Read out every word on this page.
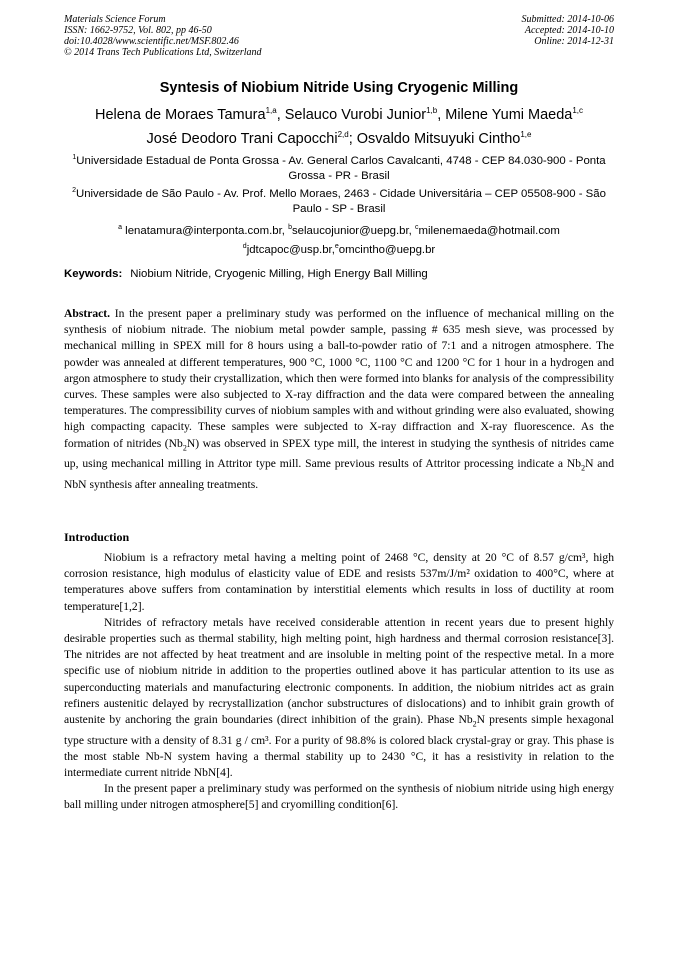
Materials Science Forum
ISSN: 1662-9752, Vol. 802, pp 46-50
doi:10.4028/www.scientific.net/MSF.802.46
© 2014 Trans Tech Publications Ltd, Switzerland
Submitted: 2014-10-06
Accepted: 2014-10-10
Online: 2014-12-31
Syntesis of Niobium Nitride Using Cryogenic Milling
Helena de Moraes Tamura$^{1,a}$, Selauco Vurobi Junior$^{1,b}$, Milene Yumi Maeda$^{1,c}$
José Deodoro Trani Capocchi$^{2,d}$; Osvaldo Mitsuyuki Cintho$^{1,e}$
$^1$Universidade Estadual de Ponta Grossa - Av. General Carlos Cavalcanti, 4748 - CEP 84.030-900 - Ponta Grossa - PR - Brasil
$^2$Universidade de São Paulo - Av. Prof. Mello Moraes, 2463 - Cidade Universitária – CEP 05508-900 - São Paulo - SP - Brasil
$^a$ lenatamura@interponta.com.br, $^b$selaucojunior@uepg.br, $^c$milenemaeda@hotmail.com
$^d$jdtcapoc@usp.br,$^e$omcintho@uepg.br
Keywords: Niobium Nitride, Cryogenic Milling, High Energy Ball Milling
Abstract. In the present paper a preliminary study was performed on the influence of mechanical milling on the synthesis of niobium nitrade. The niobium metal powder sample, passing # 635 mesh sieve, was processed by mechanical milling in SPEX mill for 8 hours using a ball-to-powder ratio of 7:1 and a nitrogen atmosphere. The powder was annealed at different temperatures, 900 °C, 1000 °C, 1100 °C and 1200 °C for 1 hour in a hydrogen and argon atmosphere to study their crystallization, which then were formed into blanks for analysis of the compressibility curves. These samples were also subjected to X-ray diffraction and the data were compared between the annealing temperatures. The compressibility curves of niobium samples with and without grinding were also evaluated, showing high compacting capacity. These samples were subjected to X-ray diffraction and X-ray fluorescence. As the formation of nitrides $(Nb_2N)$ was observed in SPEX type mill, the interest in studying the synthesis of nitrides came up, using mechanical milling in Attritor type mill. Same previous results of Attritor processing indicate a $Nb_2N$ and NbN synthesis after annealing treatments.
Introduction

Niobium is a refractory metal having a melting point of 2468 °C, density at 20 °C of 8.57 g/cm³, high corrosion resistance, high modulus of elasticity value of EDE and resists 537m/J/m² oxidation to 400°C, where at temperatures above suffers from contamination by interstitial elements which results in loss of ductility at room temperature[1,2].

Nitrides of refractory metals have received considerable attention in recent years due to present highly desirable properties such as thermal stability, high melting point, high hardness and thermal corrosion resistance[3]. The nitrides are not affected by heat treatment and are insoluble in melting point of the respective metal. In a more specific use of niobium nitride in addition to the properties outlined above it has particular attention to its use as superconducting materials and manufacturing electronic components. In addition, the niobium nitrides act as grain refiners austenitic delayed by recrystallization (anchor substructures of dislocations) and to inhibit grain growth of austenite by anchoring the grain boundaries (direct inhibition of the grain). Phase $Nb_2N$ presents simple hexagonal type structure with a density of 8.31 g / cm³. For a purity of 98.8% is colored black crystal-gray or gray. This phase is the most stable Nb-N system having a thermal stability up to 2430 °C, it has a resistivity in relation to the intermediate current nitride NbN[4].

In the present paper a preliminary study was performed on the synthesis of niobium nitride using high energy ball milling under nitrogen atmosphere[5] and cryomilling condition[6].
